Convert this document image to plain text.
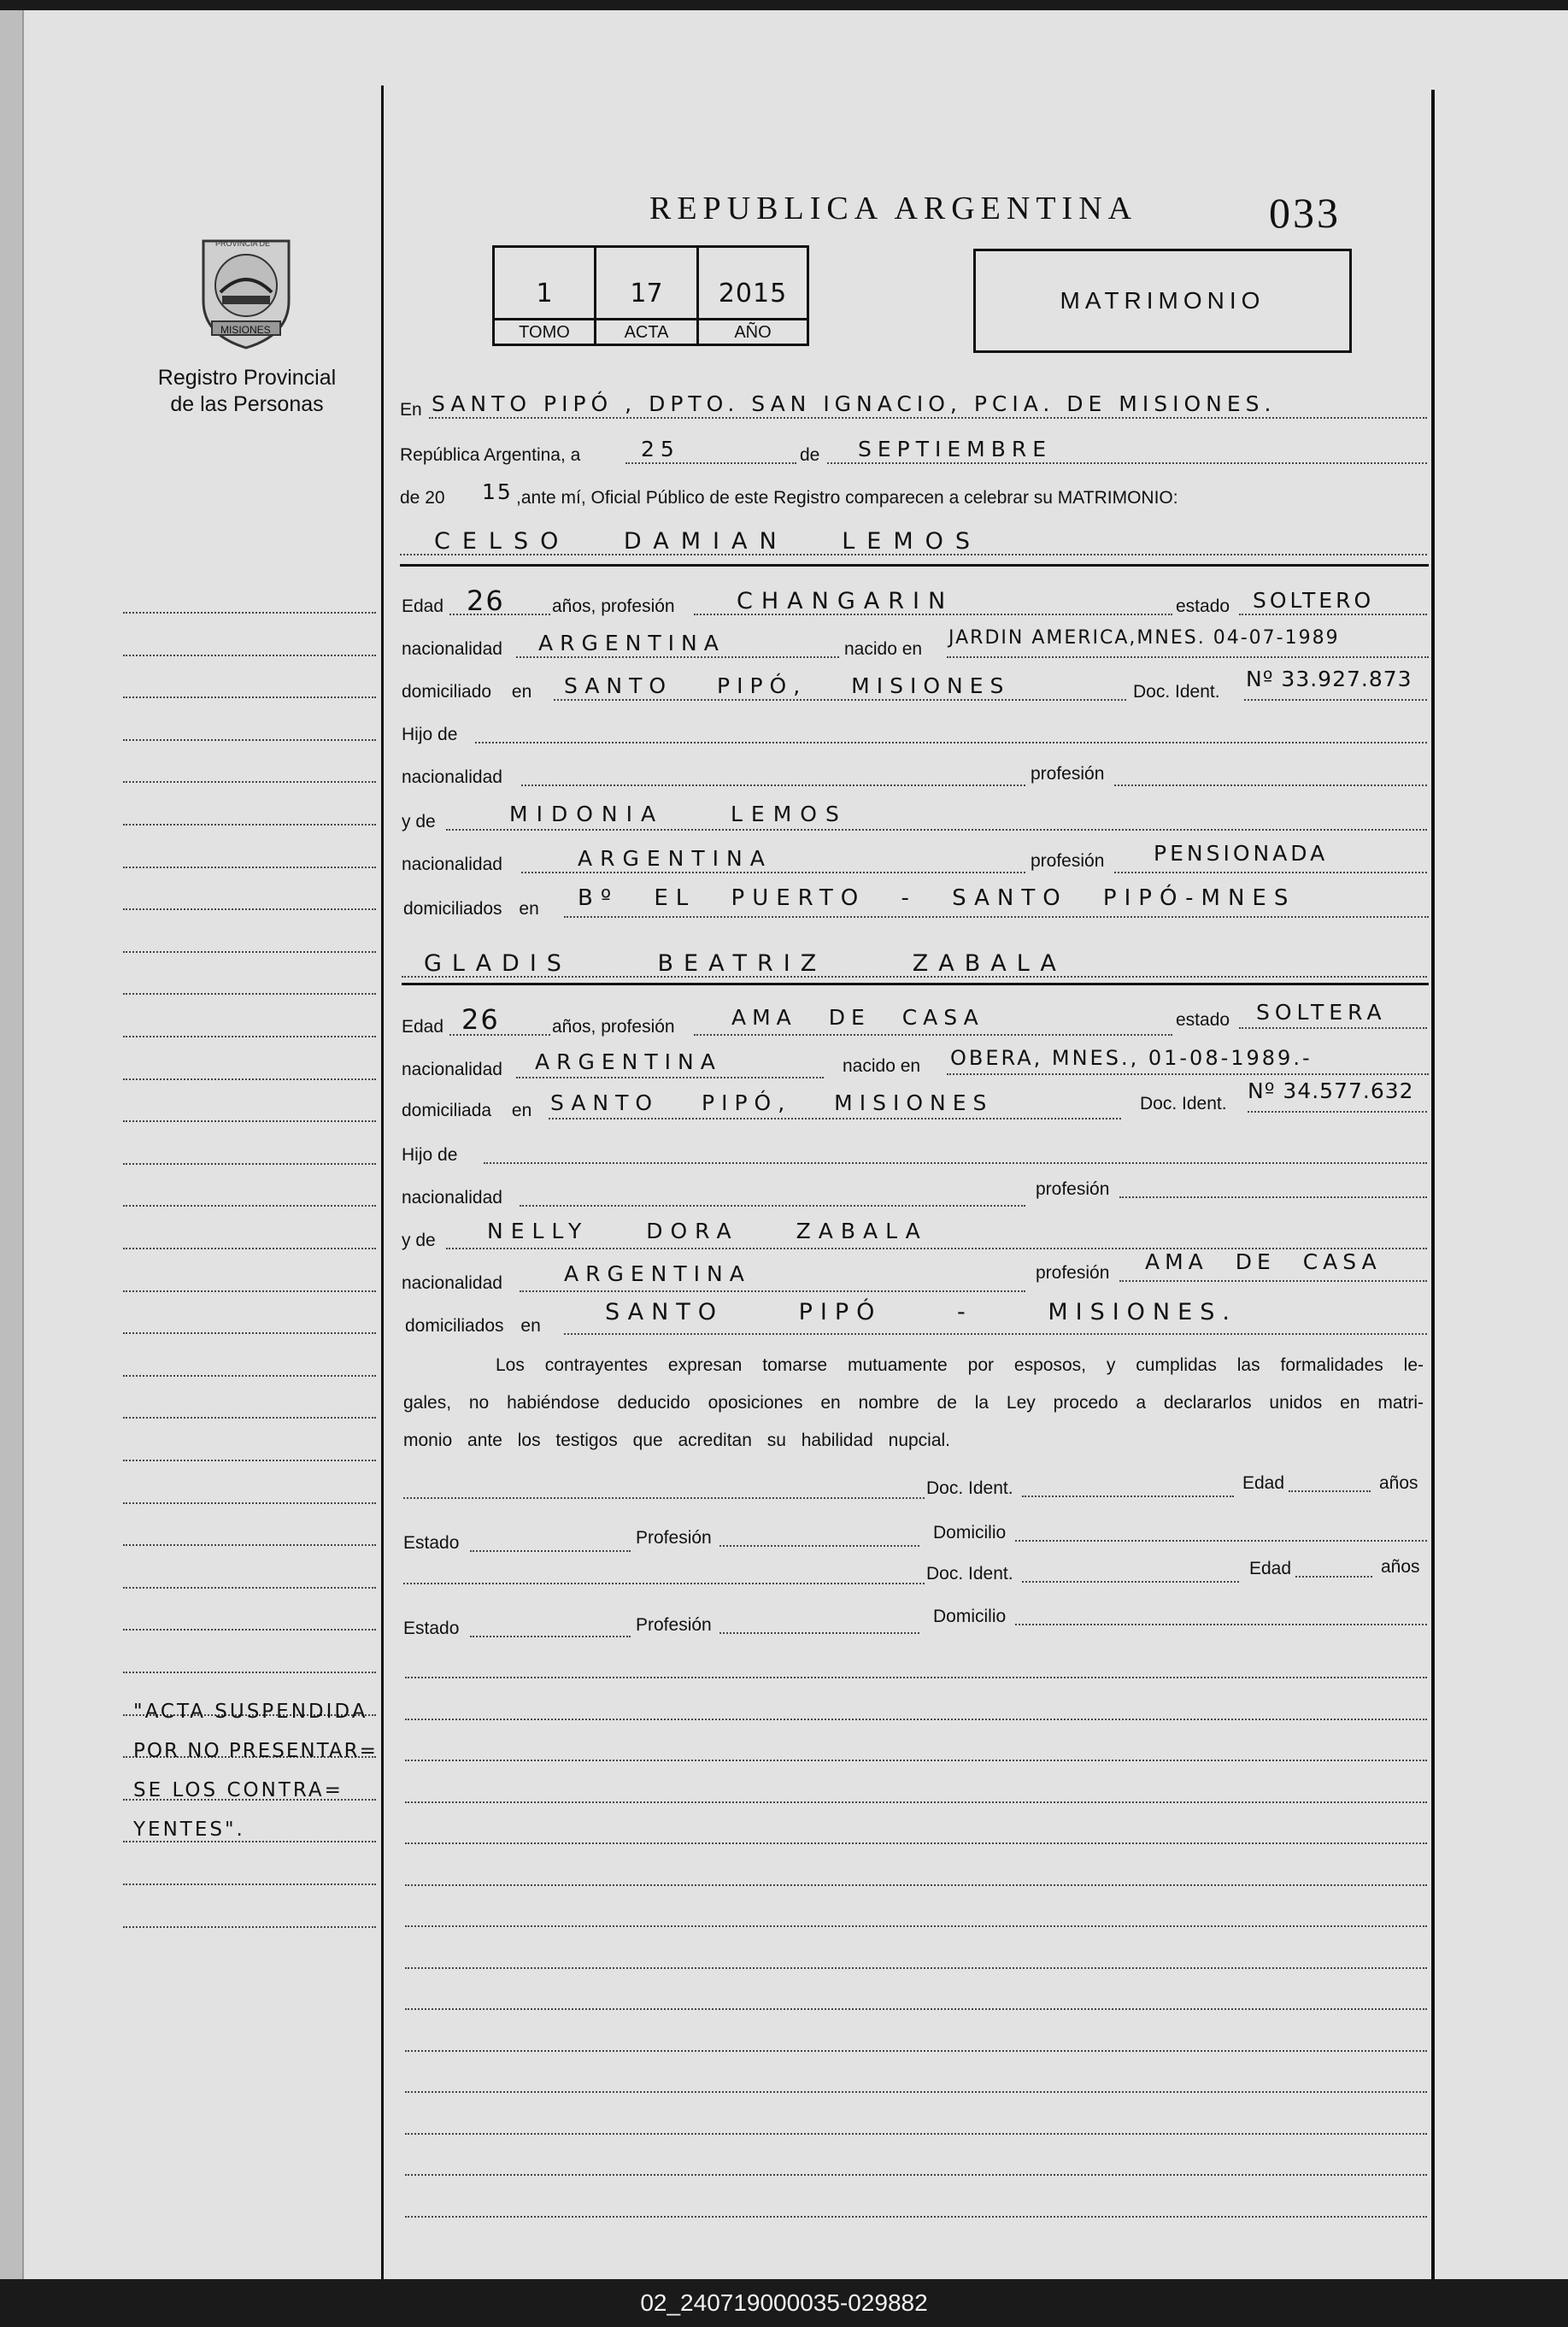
REPUBLICA ARGENTINA	033
PROVINCIA DE
MISIONES
Registro Provincial
de las Personas
1	17	2015
TOMO	ACTA	AÑO
MATRIMONIO
En SANTO PIPÓ , DPTO. SAN IGNACIO, PCIA. DE MISIONES.
República Argentina, a	25	de SEPTIEMBRE
de 20 15 ,ante mí, Oficial Público de este Registro comparecen a celebrar su MATRIMONIO:
CELSO DAMIAN LEMOS
Edad 26	años, profesión	CHANGARIN	estado SOLTERO
nacionalidad ARGENTINA	nacido en
JARDIN AMERICA,MNES. 04-07-1989
domiciliado en SANTO PIPÓ, MISIONES	Doc. Ident.
Nº 33.927.873
Hijo de
nacionalidad	profesión
y de	MIDONIA LEMOS
nacionalidad	ARGENTINA	profesión PENSIONADA
domiciliados en Bº EL PUERTO - SANTO PIPÓ-MNES
GLADIS BEATRIZ ZABALA
Edad 26	años, profesión	AMA DE CASA	estado SOLTERA
nacionalidad ARGENTINA	nacido en OBERA, MNES., 01-08-1989.-
domiciliada en SANTO PIPÓ, MISIONES	Doc. Ident.
Nº 34.577.632
Hijo de
nacionalidad	profesión
y de NELLY DORA ZABALA
nacionalidad	ARGENTINA	profesión AMA DE CASA
domiciliados en
SANTO PIPÓ - MISIONES.
Los contrayentes expresan tomarse mutuamente por esposos, y cumplidas las formalidades le-
gales, no habiéndose deducido oposiciones en nombre de la Ley procedo a declararlos unidos en matri-
monio ante los testigos que acreditan su habilidad nupcial.
Doc. Ident.	Edad	años
Estado	Profesión	Domicilio
Doc. Ident.	Edad	años
Estado	Profesión	Domicilio
"ACTA SUSPENDIDA
POR NO PRESENTAR=
SE LOS CONTRA=
YENTES".
02_240719000035-029882
